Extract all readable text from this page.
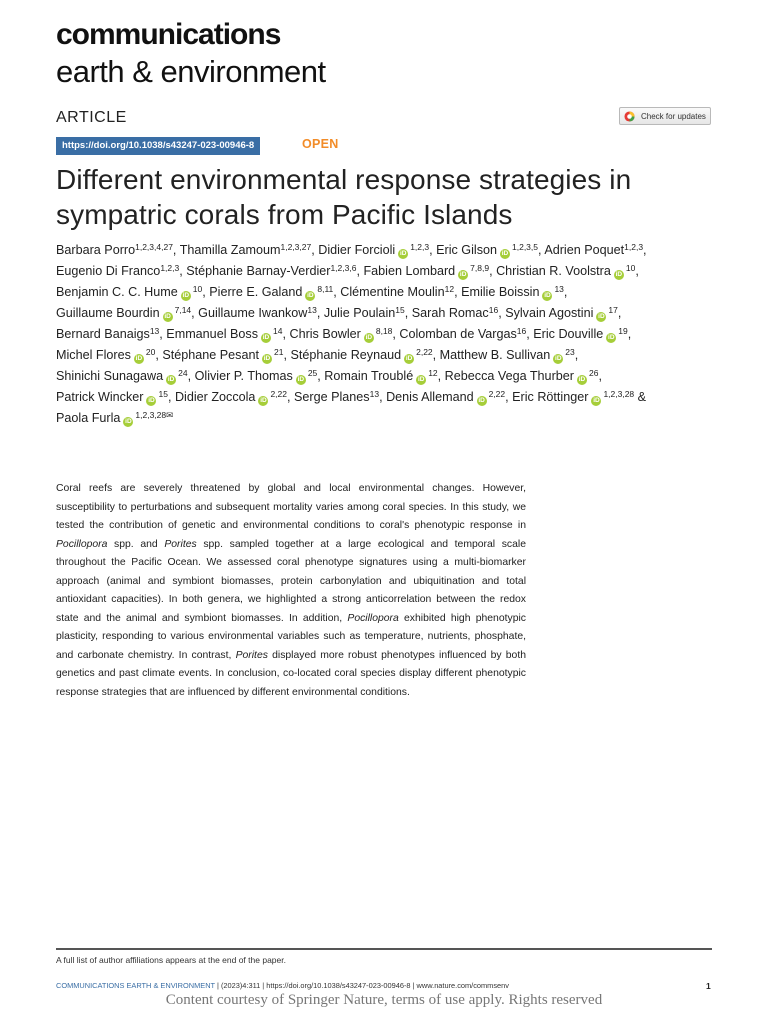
communications
earth & environment
ARTICLE	Check for updates
https://doi.org/10.1038/s43247-023-00946-8	OPEN
Different environmental response strategies in sympatric corals from Pacific Islands
Barbara Porro$^{1,2,3,4,27}$, Thamilla Zamoum$^{1,2,3,27}$, Didier Forcioli iD$^{1,2,3}$, Eric Gilson iD$^{1,2,3,5}$, Adrien Poquet$^{1,2,3}$,
Eugenio Di Franco$^{1,2,3}$, Stéphanie Barnay-Verdier$^{1,2,3,6}$, Fabien Lombard iD$^{7,8,9}$, Christian R. Voolstra iD$^{10}$,
Benjamin C. C. Hume iD$^{10}$, Pierre E. Galand iD$^{8,11}$, Clémentine Moulin$^{12}$, Emilie Boissin iD$^{13}$,
Guillaume Bourdin iD$^{7,14}$, Guillaume Iwankow$^{13}$, Julie Poulain$^{15}$, Sarah Romac$^{16}$, Sylvain Agostini iD$^{17}$,
Bernard Banaigs$^{13}$, Emmanuel Boss iD$^{14}$, Chris Bowler iD$^{8,18}$, Colomban de Vargas$^{16}$, Eric Douville iD$^{19}$,
Michel Flores iD$^{20}$, Stéphane Pesant iD$^{21}$, Stéphanie Reynaud iD$^{2,22}$, Matthew B. Sullivan iD$^{23}$,
Shinichi Sunagawa iD$^{24}$, Olivier P. Thomas iD$^{25}$, Romain Troublé iD$^{12}$, Rebecca Vega Thurber iD$^{26}$,
Patrick Wincker iD$^{15}$, Didier Zoccola iD$^{2,22}$, Serge Planes$^{13}$, Denis Allemand iD$^{2,22}$, Eric Röttinger iD$^{1,2,3,28}$ &
Paola Furla iD$^{1,2,3,28✉}$

Coral reefs are severely threatened by global and local environmental changes. However, susceptibility to perturbations and subsequent mortality varies among coral species. In this study, we tested the contribution of genetic and environmental conditions to coral's phenotypic response in Pocillopora spp. and Porites spp. sampled together at a large ecological and temporal scale throughout the Pacific Ocean. We assessed coral phenotype signatures using a multi-biomarker approach (animal and symbiont biomasses, protein carbonylation and ubiquitination and total antioxidant capacities). In both genera, we highlighted a strong anticorrelation between the redox state and the animal and symbiont biomasses. In addition, Pocillopora exhibited high phenotypic plasticity, responding to various environmental variables such as temperature, nutrients, phosphate, and carbonate chemistry. In contrast, Porites displayed more robust phenotypes influenced by both genetics and past climate events. In conclusion, co-located coral species display different phenotypic response strategies that are influenced by different environmental conditions.

A full list of author affiliations appears at the end of the paper.
COMMUNICATIONS EARTH & ENVIRONMENT | (2023)4:311 | https://doi.org/10.1038/s43247-023-00946-8 | www.nature.com/commsenv	1
Content courtesy of Springer Nature, terms of use apply. Rights reserved
